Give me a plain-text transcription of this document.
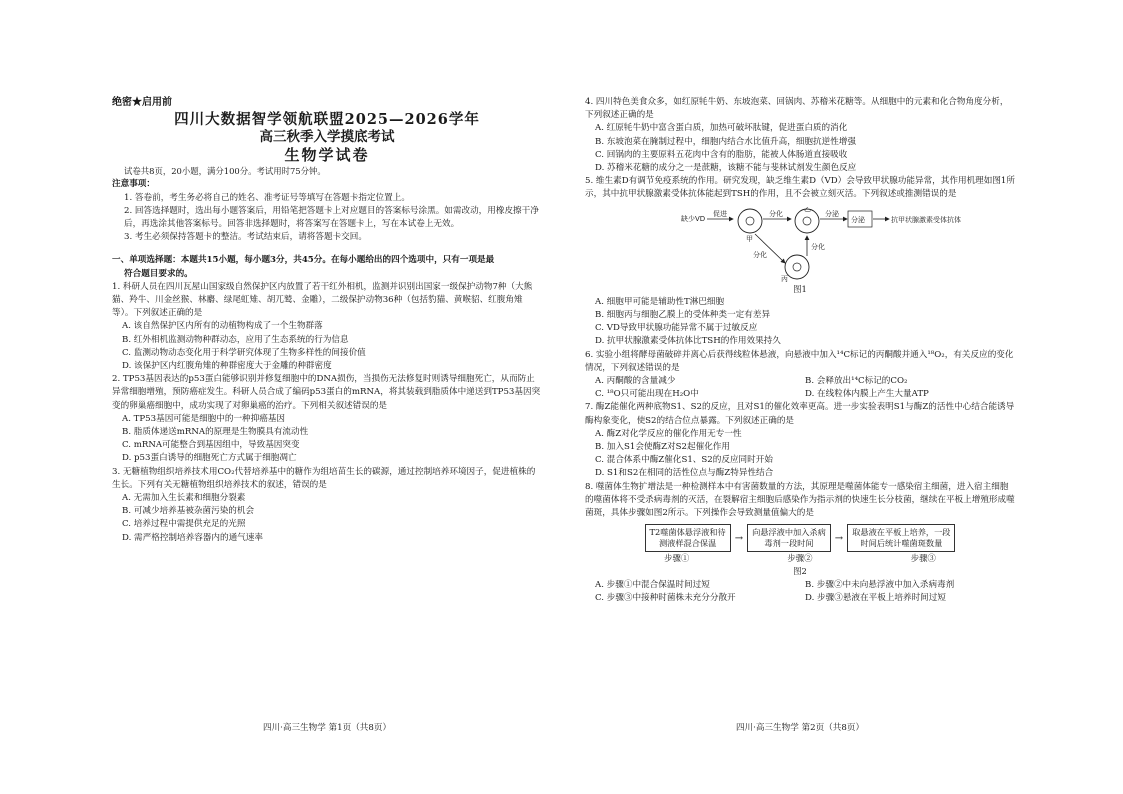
绝密★启用前

四川大数据智学领航联盟2025—2026学年

高三秋季入学摸底考试

生物学试卷

试卷共8页，20小题，满分100分。考试用时75分钟。

注意事项：

1. 答卷前，考生务必将自己的姓名、准考证号等填写在答题卡指定位置上。

2. 回答选择题时，选出每小题答案后，用铅笔把答题卡上对应题目的答案标号涂黑。如需改动，用橡皮擦干净后，再选涂其他答案标号。回答非选择题时，将答案写在答题卡上，写在本试卷上无效。

3. 考生必须保持答题卡的整洁。考试结束后，请将答题卡交回。

一、单项选择题：本题共15小题，每小题3分，共45分。在每小题给出的四个选项中，只有一项是最

符合题目要求的。

1. 科研人员在四川瓦屋山国家级自然保护区内放置了若干红外相机，监测并识别出国家一级保护动物7种（大熊猫、羚牛、川金丝猴、林麝、绿尾虹雉、胡兀鹫、金雕），二级保护动物36种（包括豹猫、黄喉貂、红腹角雉等）。下列叙述正确的是

A. 该自然保护区内所有的动植物构成了一个生物群落

B. 红外相机监测动物种群动态，应用了生态系统的行为信息

C. 监测动物动态变化用于科学研究体现了生物多样性的间接价值

D. 该保护区内红腹角雉的种群密度大于金雕的种群密度

2. TP53基因表达的p53蛋白能够识别并修复细胞中的DNA损伤，当损伤无法修复时则诱导细胞死亡，从而防止异常细胞增殖，预防癌症发生。科研人员合成了编码p53蛋白的mRNA，将其装载到脂质体中递送到TP53基因突变的卵巢癌细胞中，成功实现了对卵巢癌的治疗。下列相关叙述错误的是

A. TP53基因可能是细胞中的一种抑癌基因

B. 脂质体递送mRNA的原理是生物膜具有流动性

C. mRNA可能整合到基因组中，导致基因突变

D. p53蛋白诱导的细胞死亡方式属于细胞凋亡

3. 无糖植物组织培养技术用CO₂代替培养基中的糖作为组培苗生长的碳源，通过控制培养环境因子，促进植株的生长。下列有关无糖植物组织培养技术的叙述，错误的是

A. 无需加入生长素和细胞分裂素

B. 可减少培养基被杂菌污染的机会

C. 培养过程中需提供充足的光照

D. 需严格控制培养容器内的通气速率

四川·高三生物学 第1页（共8页）

4. 四川特色美食众多，如红原牦牛奶、东坡泡菜、回锅肉、苏稽米花糖等。从细胞中的元素和化合物角度分析，下列叙述正确的是

A. 红原牦牛奶中富含蛋白质，加热可破坏肽键，促进蛋白质的消化

B. 东坡泡菜在腌制过程中，细胞内结合水比值升高，细胞抗逆性增强

C. 回锅肉的主要原料五花肉中含有的脂肪，能被人体肠道直接吸收

D. 苏稽米花糖的成分之一是蔗糖，该糖不能与斐林试剂发生颜色反应

5. 维生素D有调节免疫系统的作用。研究发现，缺乏维生素D（VD）会导致甲状腺功能异常，其作用机理如图1所示，其中抗甲状腺激素受体抗体能起到TSH的作用，且不会被立刻灭活。下列叙述或推测错误的是

缺少VD
促进
甲
分化
乙
分泌
分泌	抗甲状腺激素受体抗体
分化
丙
分化

图1

A. 细胞甲可能是辅助性T淋巴细胞

B. 细胞丙与细胞乙膜上的受体种类一定有差异

C. VD导致甲状腺功能异常不属于过敏反应

D. 抗甲状腺激素受体抗体比TSH的作用效果持久

6. 实验小组将酵母菌破碎并离心后获得线粒体悬液，向悬液中加入¹⁴C标记的丙酮酸并通入¹⁸O₂，有关反应的变化情况，下列叙述错误的是

A. 丙酮酸的含量减少	B. 会释放出¹⁴C标记的CO₂
C. ¹⁸O只可能出现在H₂O中	D. 在线粒体内膜上产生大量ATP

7. 酶Z能催化两种底物S1、S2的反应，且对S1的催化效率更高。进一步实验表明S1与酶Z的活性中心结合能诱导酶构象变化，使S2的结合位点暴露。下列叙述正确的是

A. 酶Z对化学反应的催化作用无专一性

B. 加入S1会使酶Z对S2起催化作用

C. 混合体系中酶Z催化S1、S2的反应同时开始

D. S1和S2在相同的活性位点与酶Z特异性结合

8. 噬菌体生物扩增法是一种检测样本中有害菌数量的方法，其原理是噬菌体能专一感染宿主细菌，进入宿主细胞的噬菌体将不受杀病毒剂的灭活，在裂解宿主细胞后感染作为指示剂的快速生长分枝菌，继续在平板上增殖形成噬菌斑，具体步骤如图2所示。下列操作会导致测量值偏大的是

T2噬菌体悬浮液和待
测液样混合保温	→
向悬浮液中加入杀病
毒剂一段时间	→
取悬液在平板上培养，一段
时间后统计噬菌斑数量
步骤①	步骤②	步骤③

图2

A. 步骤①中混合保温时间过短	B. 步骤②中未向悬浮液中加入杀病毒剂
C. 步骤③中接种时菌株未充分分散开	D. 步骤③悬液在平板上培养时间过短
四川·高三生物学 第2页（共8页）
